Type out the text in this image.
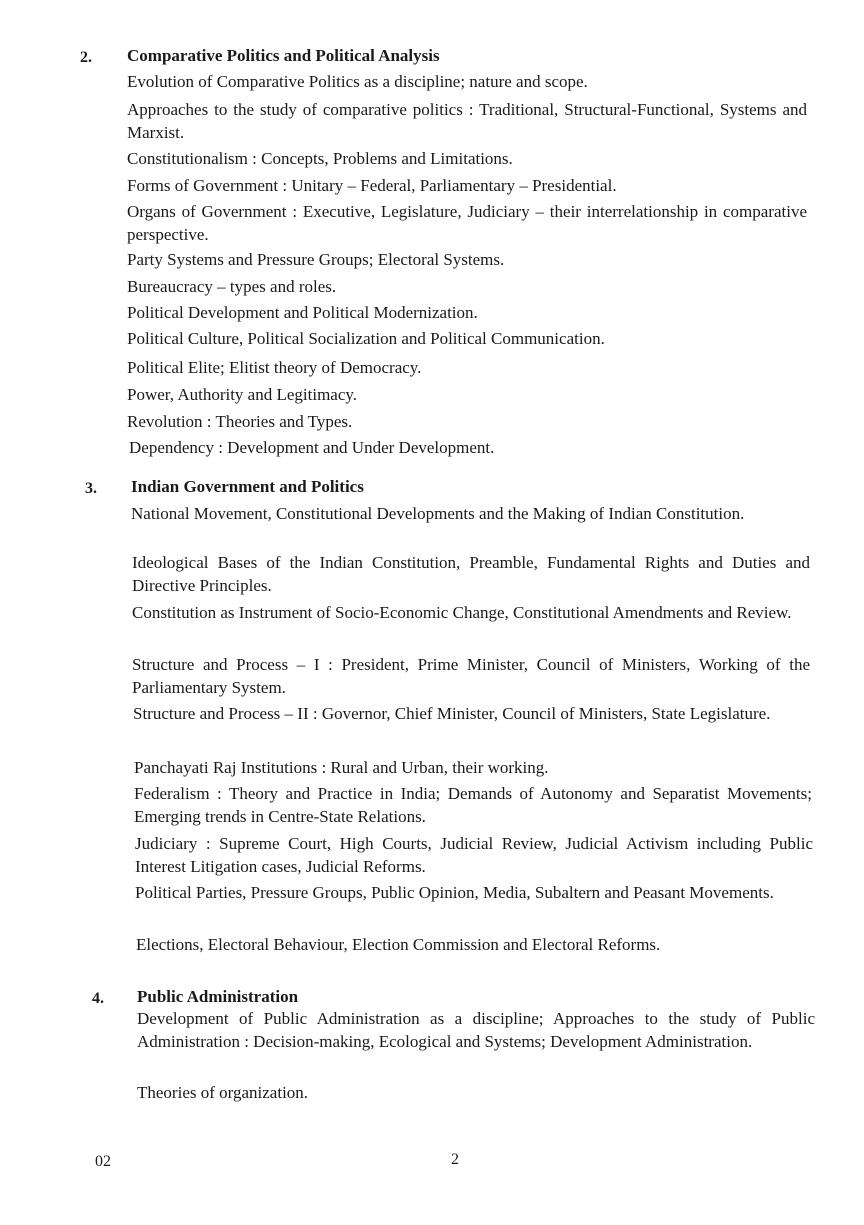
2. Comparative Politics and Political Analysis
Evolution of Comparative Politics as a discipline; nature and scope.
Approaches to the study of comparative politics : Traditional, Structural-Functional, Systems and Marxist.
Constitutionalism : Concepts, Problems and Limitations.
Forms of Government : Unitary – Federal, Parliamentary – Presidential.
Organs of Government : Executive, Legislature, Judiciary – their interrelationship in comparative perspective.
Party Systems and Pressure Groups; Electoral Systems.
Bureaucracy – types and roles.
Political Development and Political Modernization.
Political Culture, Political Socialization and Political Communication.
Political Elite; Elitist theory of Democracy.
Power, Authority and Legitimacy.
Revolution : Theories and Types.
Dependency : Development and Under Development.
3. Indian Government and Politics
National Movement, Constitutional Developments and the Making of Indian Constitution.
Ideological Bases of the Indian Constitution, Preamble, Fundamental Rights and Duties and Directive Principles.
Constitution as Instrument of Socio-Economic Change, Constitutional Amendments and Review.
Structure and Process – I : President, Prime Minister, Council of Ministers, Working of the Parliamentary System.
Structure and Process – II : Governor, Chief Minister, Council of Ministers, State Legislature.
Panchayati Raj Institutions : Rural and Urban, their working.
Federalism : Theory and Practice in India; Demands of Autonomy and Separatist Movements; Emerging trends in Centre-State Relations.
Judiciary : Supreme Court, High Courts, Judicial Review, Judicial Activism including Public Interest Litigation cases, Judicial Reforms.
Political Parties, Pressure Groups, Public Opinion, Media, Subaltern and Peasant Movements.
Elections, Electoral Behaviour, Election Commission and Electoral Reforms.
4. Public Administration
Development of Public Administration as a discipline; Approaches to the study of Public Administration : Decision-making, Ecological and Systems; Development Administration.
Theories of organization.
02	2
